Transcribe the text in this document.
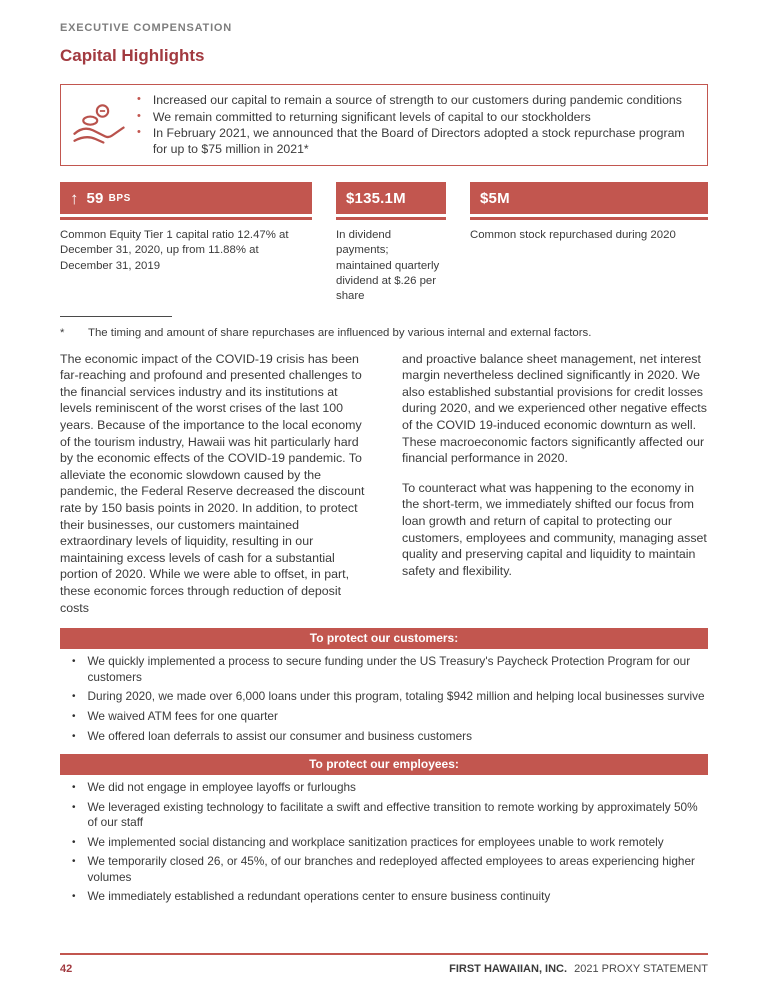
EXECUTIVE COMPENSATION
Capital Highlights
•
Increased our capital to remain a source of strength to our customers during pandemic conditions
•
We remain committed to returning significant levels of capital to our stockholders
•
In February 2021, we announced that the Board of Directors adopted a stock repurchase program for up to $75 million in 2021*
↑ 59 BPS
Common Equity Tier 1 capital ratio 12.47% at December 31, 2020, up from 11.88% at December 31, 2019
$135.1M
In dividend payments; maintained quarterly dividend at $.26 per share
$5M
Common stock repurchased during 2020
*	The timing and amount of share repurchases are influenced by various internal and external factors.

The economic impact of the COVID-19 crisis has been far-reaching and profound and presented challenges to the financial services industry and its institutions at levels reminiscent of the worst crises of the last 100 years. Because of the importance to the local economy of the tourism industry, Hawaii was hit particularly hard by the economic effects of the COVID-19 pandemic. To alleviate the economic slowdown caused by the pandemic, the Federal Reserve decreased the discount rate by 150 basis points in 2020. In addition, to protect their businesses, our customers maintained extraordinary levels of liquidity, resulting in our maintaining excess levels of cash for a substantial portion of 2020. While we were able to offset, in part, these economic forces through reduction of deposit costs

and proactive balance sheet management, net interest margin nevertheless declined significantly in 2020. We also established substantial provisions for credit losses during 2020, and we experienced other negative effects of the COVID 19-induced economic downturn as well. These macroeconomic factors significantly affected our financial performance in 2020.

To counteract what was happening to the economy in the short-term, we immediately shifted our focus from loan growth and return of capital to protecting our customers, employees and community, managing asset quality and preserving capital and liquidity to maintain safety and flexibility.

To protect our customers:
•
We quickly implemented a process to secure funding under the US Treasury's Paycheck Protection Program for our customers
•
During 2020, we made over 6,000 loans under this program, totaling $942 million and helping local businesses survive
•
We waived ATM fees for one quarter
•
We offered loan deferrals to assist our consumer and business customers
To protect our employees:
•
We did not engage in employee layoffs or furloughs
•
We leveraged existing technology to facilitate a swift and effective transition to remote working by approximately 50% of our staff
•
We implemented social distancing and workplace sanitization practices for employees unable to work remotely
•
We temporarily closed 26, or 45%, of our branches and redeployed affected employees to areas experiencing higher volumes
•
We immediately established a redundant operations center to ensure business continuity
42	FIRST HAWAIIAN, INC. 2021 PROXY STATEMENT
